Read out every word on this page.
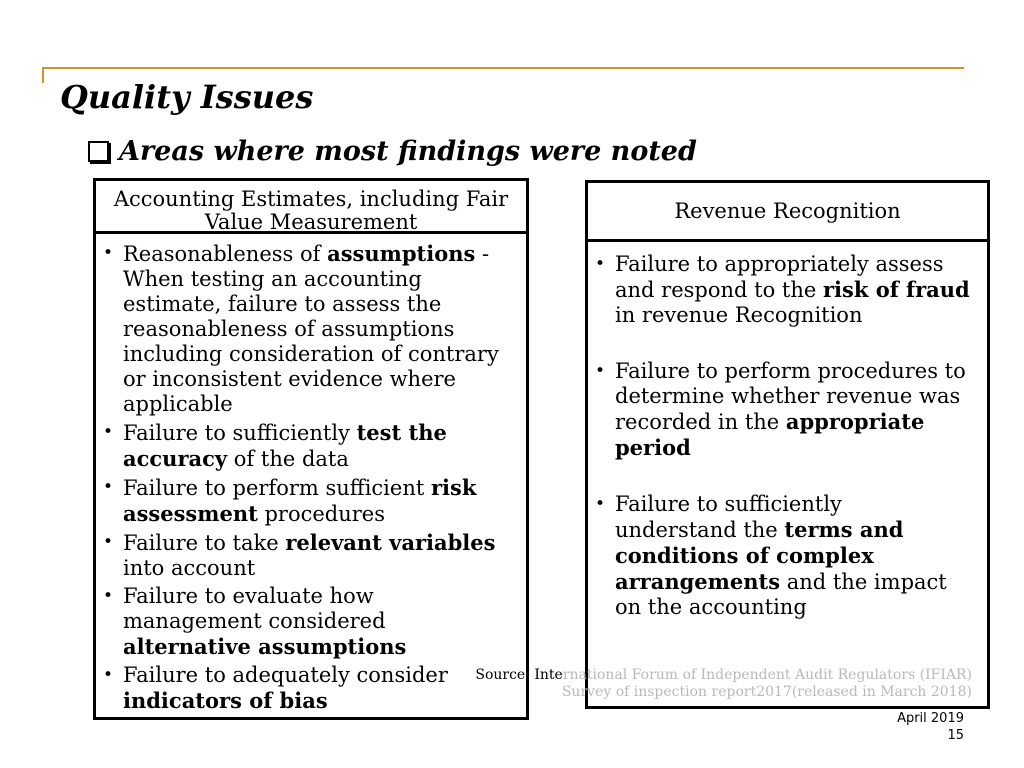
Quality Issues
Areas where most findings were noted
• Reasonableness of assumptions - When testing an accounting estimate, failure to assess the reasonableness of assumptions including consideration of contrary or inconsistent evidence where applicable
• Failure to sufficiently test the accuracy of the data
• Failure to perform sufficient risk assessment procedures
• Failure to take relevant variables into account
• Failure to evaluate how management considered alternative assumptions
• Failure to adequately consider indicators of bias
Accounting Estimates, including Fair Value Measurement
• Failure to appropriately assess and respond to the risk of fraud in revenue Recognition
• Failure to perform procedures to determine whether revenue was recorded in the appropriate period
• Failure to sufficiently understand the terms and conditions of complex arrangements and the impact on the accounting
Revenue Recognition
Source: International Forum of Independent Audit Regulators (IFIAR)
Survey of inspection report2017(released in March 2018)
April 2019
15
